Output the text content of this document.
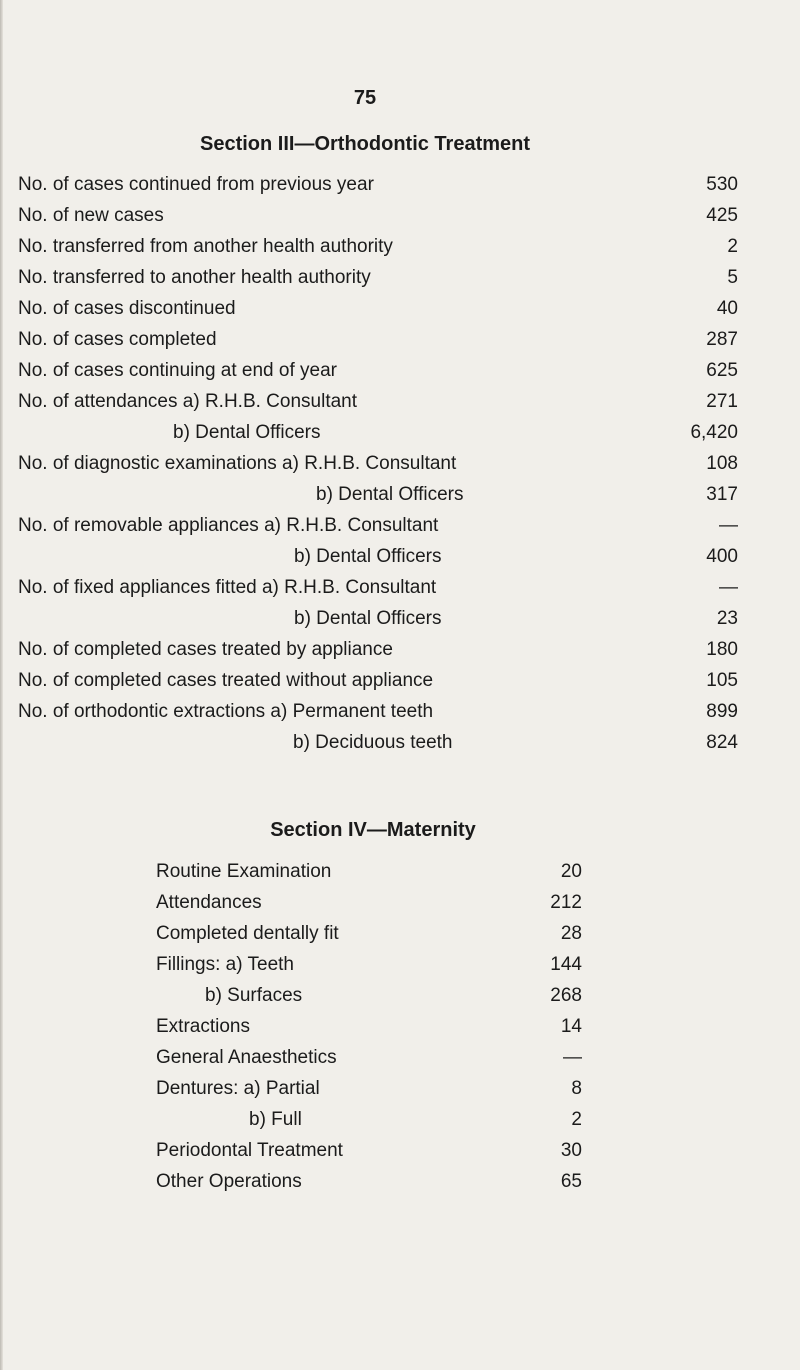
75
Section III—Orthodontic Treatment
No. of cases continued from previous year	530
No. of new cases	425
No. transferred from another health authority	2
No. transferred to another health authority	5
No. of cases discontinued	40
No. of cases completed	287
No. of cases continuing at end of year	625
No. of attendances a) R.H.B. Consultant	271
b) Dental Officers	6,420
No. of diagnostic examinations a) R.H.B. Consultant	108
b) Dental Officers	317
No. of removable appliances a) R.H.B. Consultant	—
b) Dental Officers	400
No. of fixed appliances fitted a) R.H.B. Consultant	—
b) Dental Officers	23
No. of completed cases treated by appliance	180
No. of completed cases treated without appliance	105
No. of orthodontic extractions a) Permanent teeth	899
b) Deciduous teeth	824
Section IV—Maternity
Routine Examination	20
Attendances	212
Completed dentally fit	28
Fillings: a) Teeth	144
b) Surfaces	268
Extractions	14
General Anaesthetics	—
Dentures: a) Partial	8
b) Full	2
Periodontal Treatment	30
Other Operations	65
